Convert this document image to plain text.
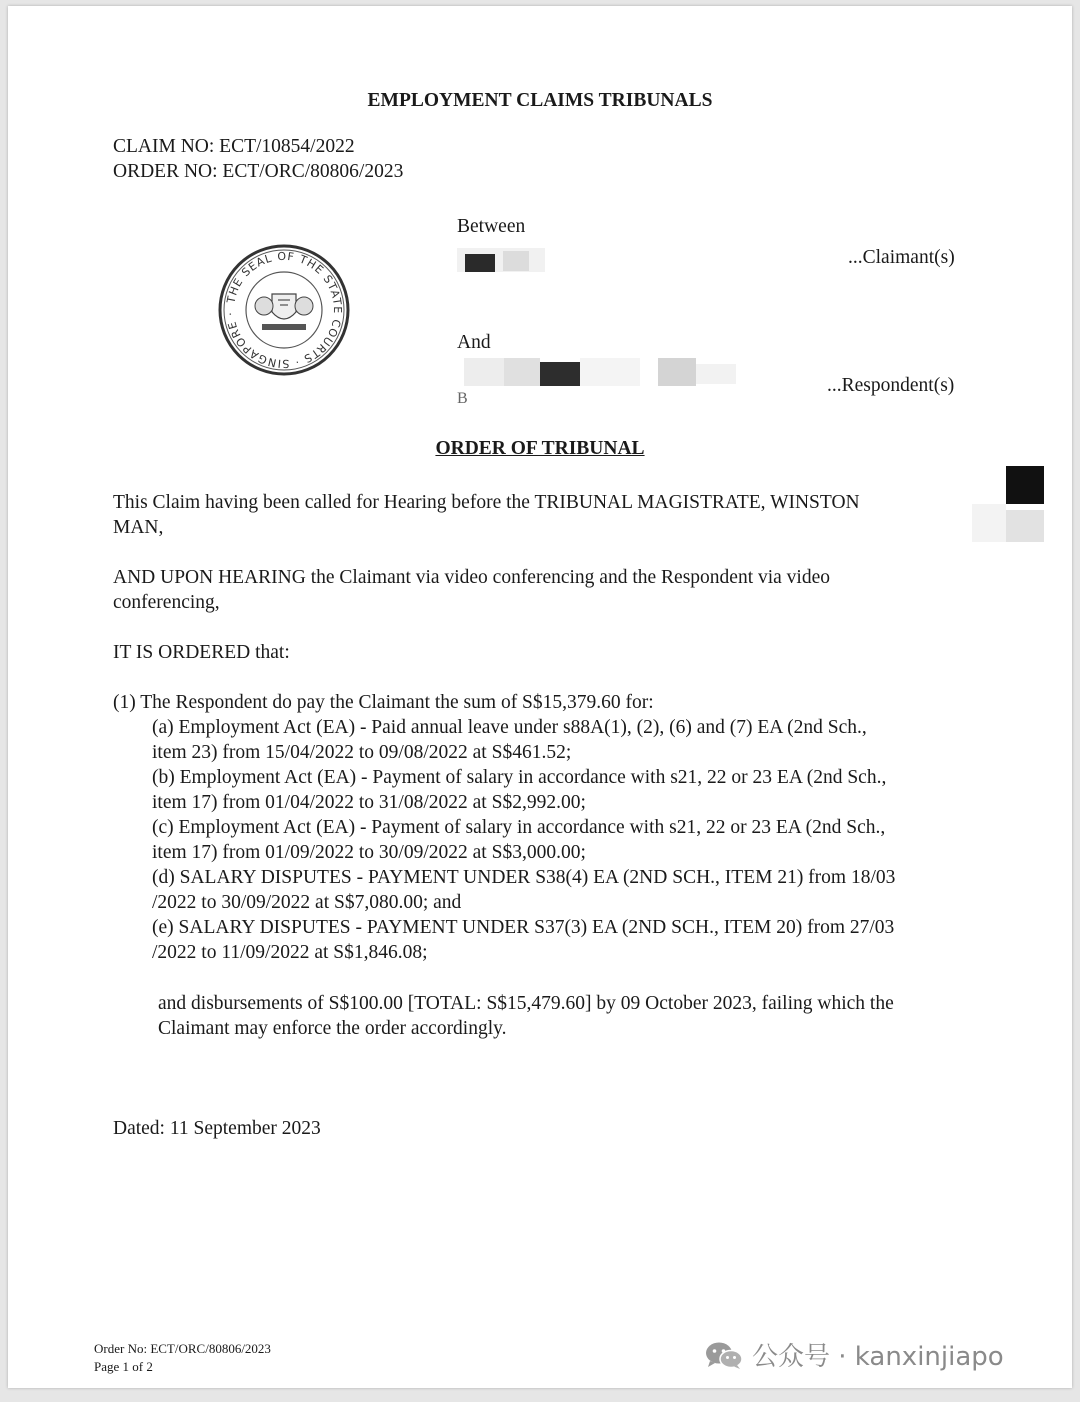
EMPLOYMENT CLAIMS TRIBUNALS
CLAIM NO: ECT/10854/2022
ORDER NO: ECT/ORC/80806/2023
THE SEAL OF THE STATE COURTS · SINGAPORE ·
Between
...Claimant(s)
And
B
...Respondent(s)
ORDER OF TRIBUNAL
This Claim having been called for Hearing before the TRIBUNAL MAGISTRATE, WINSTON
MAN,
AND UPON HEARING the Claimant via video conferencing and the Respondent via video
conferencing,
IT IS ORDERED that:
(1) The Respondent do pay the Claimant the sum of S$15,379.60 for:
(a) Employment Act (EA) - Paid annual leave under s88A(1), (2), (6) and (7) EA (2nd Sch.,
item 23) from 15/04/2022 to 09/08/2022 at S$461.52;
(b) Employment Act (EA) - Payment of salary in accordance with s21, 22 or 23 EA (2nd Sch.,
item 17) from 01/04/2022 to 31/08/2022 at S$2,992.00;
(c) Employment Act (EA) - Payment of salary in accordance with s21, 22 or 23 EA (2nd Sch.,
item 17) from 01/09/2022 to 30/09/2022 at S$3,000.00;
(d) SALARY DISPUTES - PAYMENT UNDER S38(4) EA (2ND SCH., ITEM 21) from 18/03
/2022 to 30/09/2022 at S$7,080.00; and
(e) SALARY DISPUTES - PAYMENT UNDER S37(3) EA (2ND SCH., ITEM 20) from 27/03
/2022 to 11/09/2022 at S$1,846.08;
and disbursements of S$100.00 [TOTAL: S$15,479.60] by 09 October 2023, failing which the
Claimant may enforce the order accordingly.
Dated: 11 September 2023
Order No: ECT/ORC/80806/2023
Page 1 of 2	公众号 · kanxinjiapo
